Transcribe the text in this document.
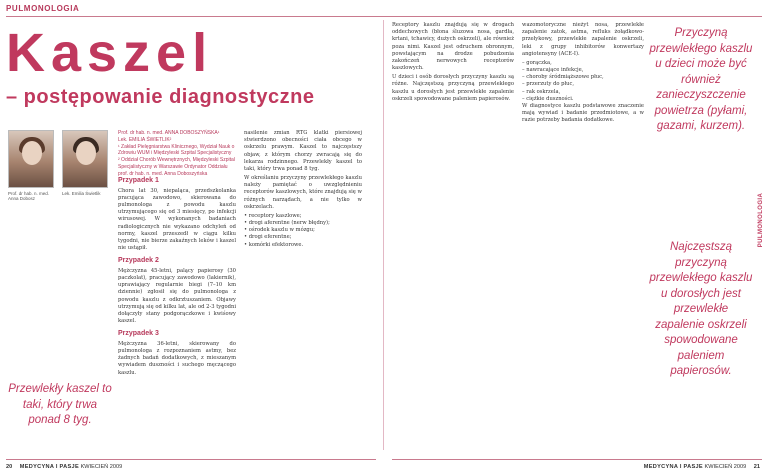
PULMONOLOGIA
Kaszel
– postępowanie diagnostyczne
Prof. dr hab. n. med. Anna Dobosz
Lek. Emilia Świetlik
Prof. dr hab. n. med. ANNA DOBOSZYŃSKA¹
Lek. EMILIA ŚWIETLIK²
¹ Zakład Pielęgniarstwa Klinicznego, Wydział Nauk o Zdrowiu WUM i Międzyleski Szpital Specjalistyczny
² Oddział Chorób Wewnętrznych, Międzyleski Szpital Specjalistyczny w Warszawie Ordynator Oddziału prof. dr hab. n. med. Anna Doboszyńska
Przypadek 1

Chora lat 30, niepaląca, przedszkolanka pracująca zawodowo, skierowana do pulmonologa z powodu kaszlu utrzymującego się od 3 miesięcy, po infekcji wirusowej. W wykonanych badaniach radiologicznych nie wykazano odchyleń od normy, kaszel przeszedł w ciągu kilku tygodni, nie bierze zakaźnych leków i kaszel nie ustąpił.

Przypadek 2

Mężczyzna 45-letni, palący papierosy (30 paczkolat), pracujący zawodowo (lakiernik), uprawiający regularnie biegi (7–10 km dziennie) zgłosił się do pulmonologa z powodu kaszlu z odkrztuszaniem. Objawy utrzymują się od kilku lat, ale od 2-3 tygodni dołączyły stany podgorączkowe i kwiśowy kaszel.

Przypadek 3

Mężczyzna 36-letni, skierowany do pulmonologa z rozpoznaniem astmy, bez żadnych badań dodatkowych, z mieszanym wywiadem duszności i suchego męczącego kaszlu.

Przewlekły kaszel to taki, który trwa ponad 8 tyg.

nasilenie zmian RTG klatki piersiowej stwierdzono obecności ciała obcego w oskrzelu prawym. Kaszel to najczęstszy objaw, z którym chorzy zwracają się do lekarza rodzinnego. Przewlekły kaszel to taki, który trwa ponad 8 tyg.

W określaniu przyczyny przewlekłego kaszlu należy pamiętać o uwzględnieniu receptorów kaszlowych, które znajdują się w różnych narządach, a nie tylko w oskrzelach.

• receptory kaszlowe;
• drogi aferentne (nerw błędny);
• ośrodek kaszlu w mózgu;
• drogi eferentne;
• komórki efektorowe.

Receptory kaszlu znajdują się w drogach oddechowych (błona śluzowa nosa, gardła, krtani, tchawicy, dużych oskrzeli), ale również poza nimi. Kaszel jest odruchem obronnym, powstającym na drodze pobudzenia zakończeń nerwowych receptorów kaszlowych.

U dzieci i osób dorosłych przyczyny kaszlu są różne. Najczęstszą przyczyną przewlekłego kaszlu u dorosłych jest przewlekłe zapalenie oskrzeli spowodowane paleniem papierosów.

wazomotoryczne nieżyt nosa, przewlekłe zapalenie zatok, astma, refluks żołądkowo-przełykowy, przewlekłe zapalenie oskrzeli, leki z grupy inhibitorów konwertazy angiotensyny (ACE-I).

– gorączka,
– nawracające infekcje,
– choroby śródmiąższowe płuc,
– przerzuty do płuc,
– rak oskrzela,
– ciężkie duszności.

W diagnostyce kaszlu podstawowe znaczenie mają wywiad i badanie przedmiotowe, a w razie potrzeby badania dodatkowe.

Przyczyną przewlekłego kaszlu u dzieci może być również zanieczyszczenie powietrza (pyłami, gazami, kurzem).
Najczęstszą przyczyną przewlekłego kaszlu u dorosłych jest przewlekłe zapalenie oskrzeli spowodowane paleniem papierosów.
PULMONOLOGIA
20 MEDYCYNA I PASJE KWIECIEŃ 2009	MEDYCYNA I PASJE KWIECIEŃ 2009 21
